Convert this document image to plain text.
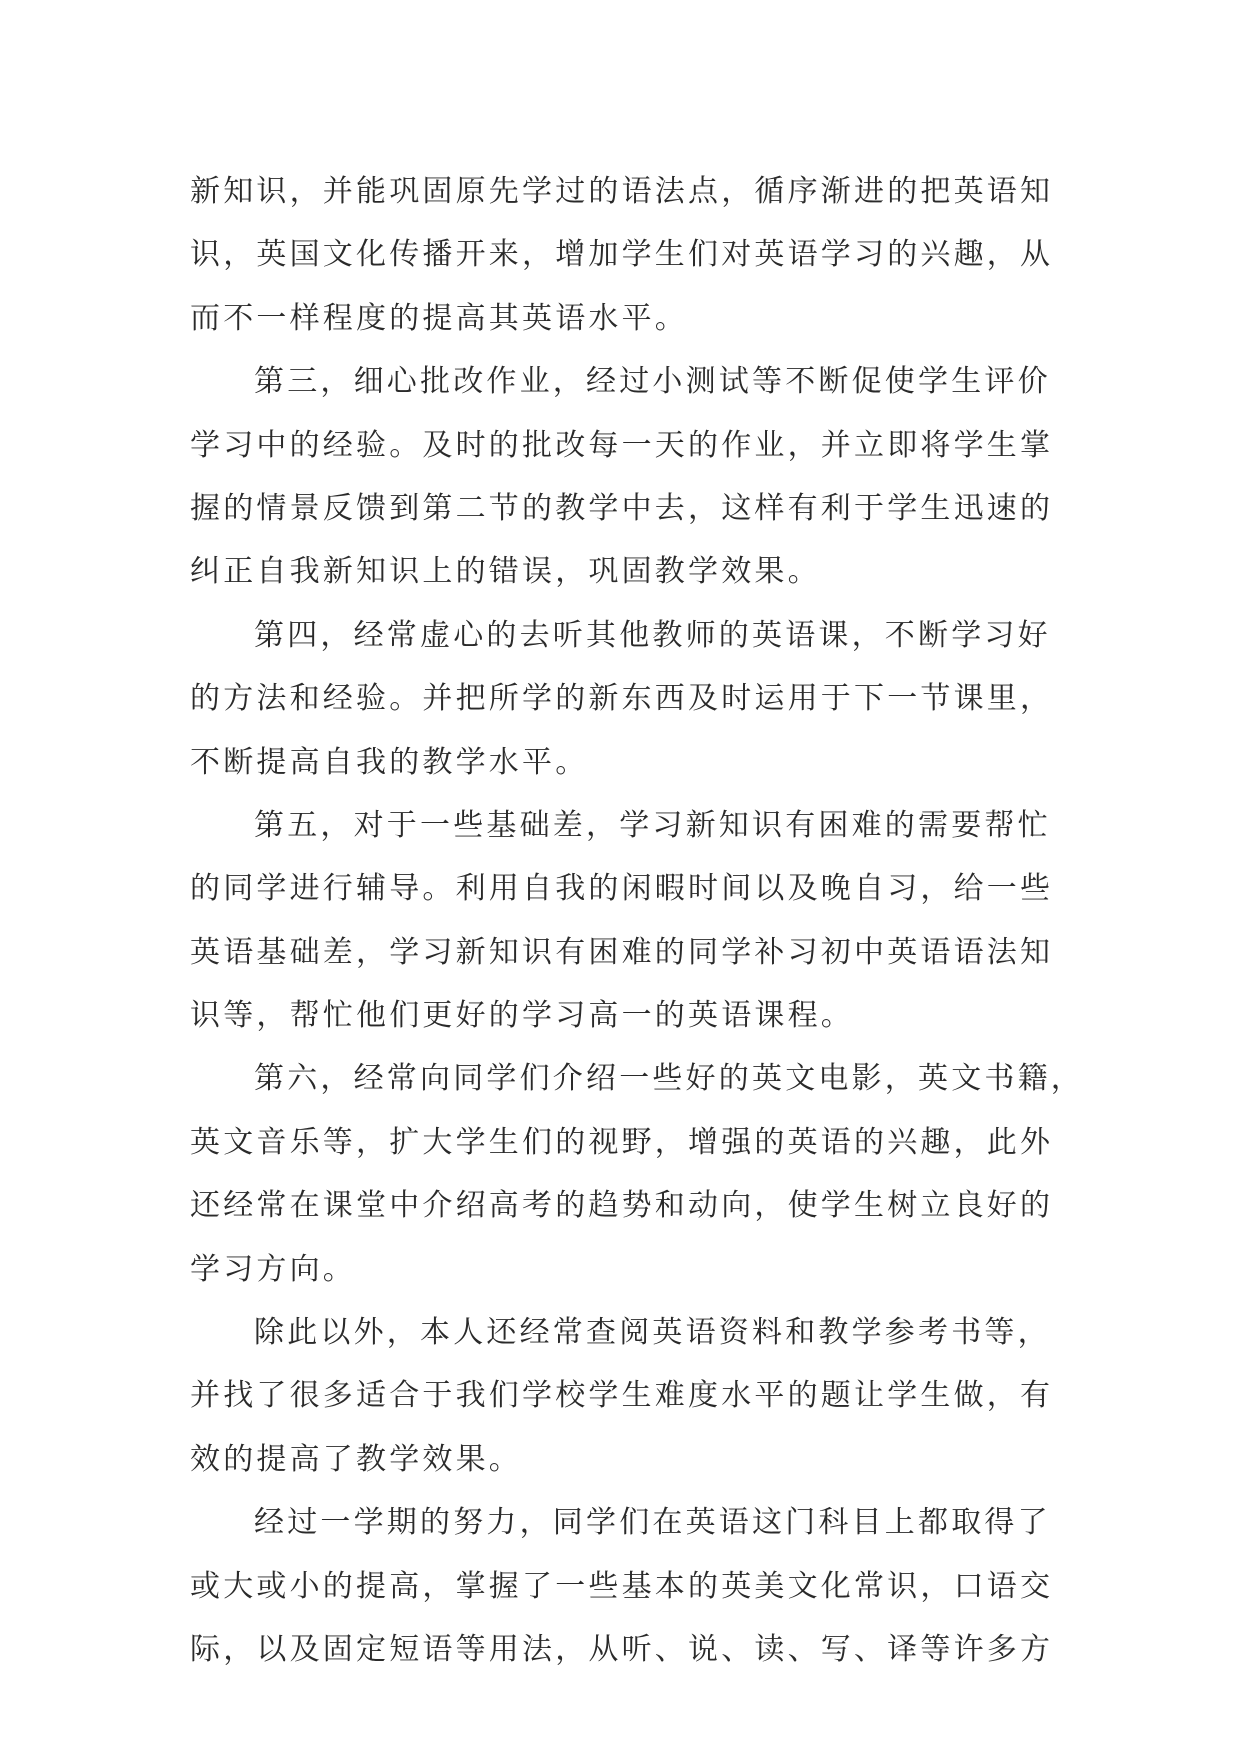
新知识，并能巩固原先学过的语法点，循序渐进的把英语知
识，英国文化传播开来，增加学生们对英语学习的兴趣，从
而不一样程度的提高其英语水平。
第三，细心批改作业，经过小测试等不断促使学生评价
学习中的经验。及时的批改每一天的作业，并立即将学生掌
握的情景反馈到第二节的教学中去，这样有利于学生迅速的
纠正自我新知识上的错误，巩固教学效果。
第四，经常虚心的去听其他教师的英语课，不断学习好
的方法和经验。并把所学的新东西及时运用于下一节课里，
不断提高自我的教学水平。
第五，对于一些基础差，学习新知识有困难的需要帮忙
的同学进行辅导。利用自我的闲暇时间以及晚自习，给一些
英语基础差，学习新知识有困难的同学补习初中英语语法知
识等，帮忙他们更好的学习高一的英语课程。
第六，经常向同学们介绍一些好的英文电影，英文书籍，
英文音乐等，扩大学生们的视野，增强的英语的兴趣，此外
还经常在课堂中介绍高考的趋势和动向，使学生树立良好的
学习方向。
除此以外，本人还经常查阅英语资料和教学参考书等，
并找了很多适合于我们学校学生难度水平的题让学生做，有
效的提高了教学效果。
经过一学期的努力，同学们在英语这门科目上都取得了
或大或小的提高，掌握了一些基本的英美文化常识，口语交
际，以及固定短语等用法，从听、说、读、写、译等许多方
